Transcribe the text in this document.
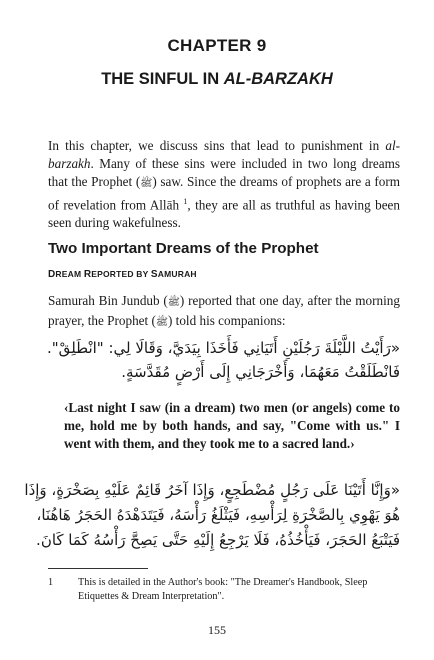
CHAPTER 9
THE SINFUL IN AL-BARZAKH

In this chapter, we discuss sins that lead to punishment in al-barzakh. Many of these sins were included in two long dreams that the Prophet (ﷺ) saw. Since the dreams of prophets are a form of revelation from Allāh $^1$, they are all as truthful as having been seen during wakefulness.

Two Important Dreams of the Prophet
DREAM REPORTED BY SAMURAH

Samurah Bin Jundub (ﷺ) reported that one day, after the morning prayer, the Prophet (ﷺ) told his companions:

«رَأَيْتُ اللَّيْلَةَ رَجُلَيْنِ أَتَيَانِي فَأَخَذَا بِيَدَيَّ، وَقَالَا لِي: "انْطَلِقْ".
فَانْطَلَقْتُ مَعَهُمَا، وَأَخْرَجَانِي إِلَى أَرْضٍ مُقَدَّسَةٍ.
‹Last night I saw (in a dream) two men (or angels) come to me, hold me by both hands, and say, "Come with us." I went with them, and they took me to a sacred land.›
«وَإِنَّا أَتَيْنَا عَلَى رَجُلٍ مُضْطَجِعٍ، وَإِذَا آخَرُ قَائِمٌ عَلَيْهِ بِصَخْرَةٍ، وَإِذَا
هُوَ يَهْوِي بِالصَّخْرَةِ لِرَأْسِهِ، فَيَثْلَغُ رَأْسَهُ، فَيَتَدَهْدَهُ الحَجَرُ هَاهُنَا،
فَيَتْبَعُ الحَجَرَ، فَيَأْخُذُهُ، فَلَا يَرْجِعُ إِلَيْهِ حَتَّى يَصِحَّ رَأْسُهُ كَمَا كَانَ.
1 This is detailed in the Author's book: "The Dreamer's Handbook, Sleep Etiquettes & Dream Interpretation".
155
